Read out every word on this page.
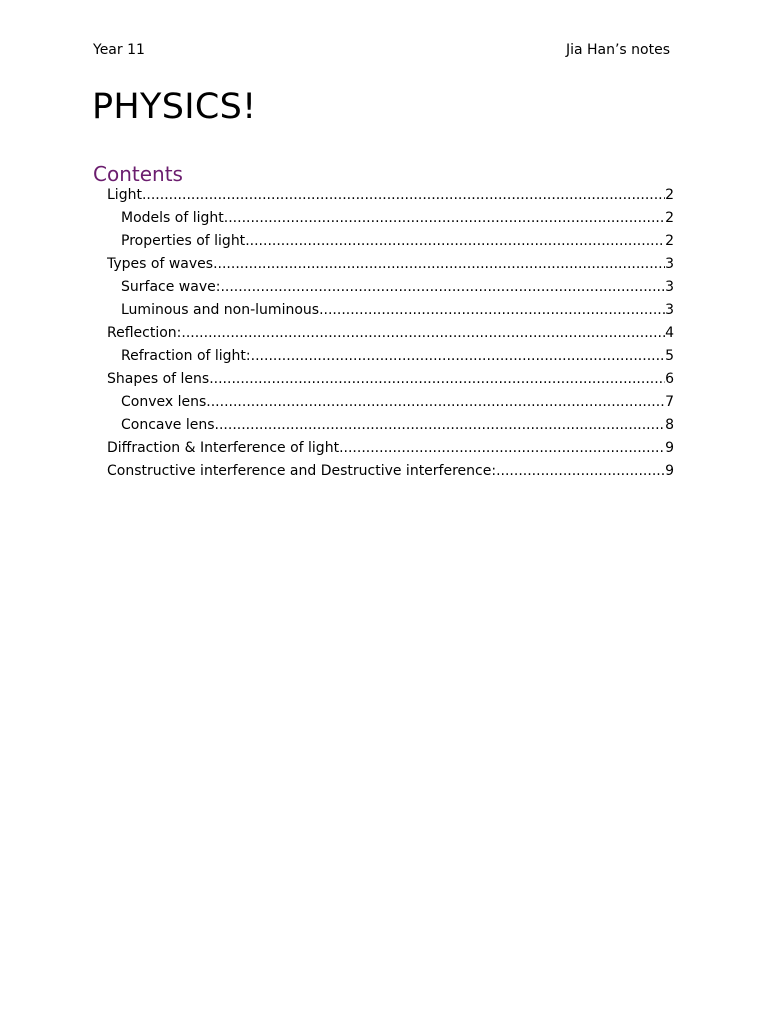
Year 11	Jia Han’s notes
PHYSICS!
Contents
Light .....	2
Models of light .....	2
Properties of light .....	2
Types of waves .....	3
Surface wave: .....	3
Luminous and non-luminous .....	3
Reflection: .....	4
Refraction of light: .....	5
Shapes of lens .....	6
Convex lens .....	7
Concave lens .....	8
Diffraction & Interference of light .....	9
Constructive interference and Destructive interference: .....	9
